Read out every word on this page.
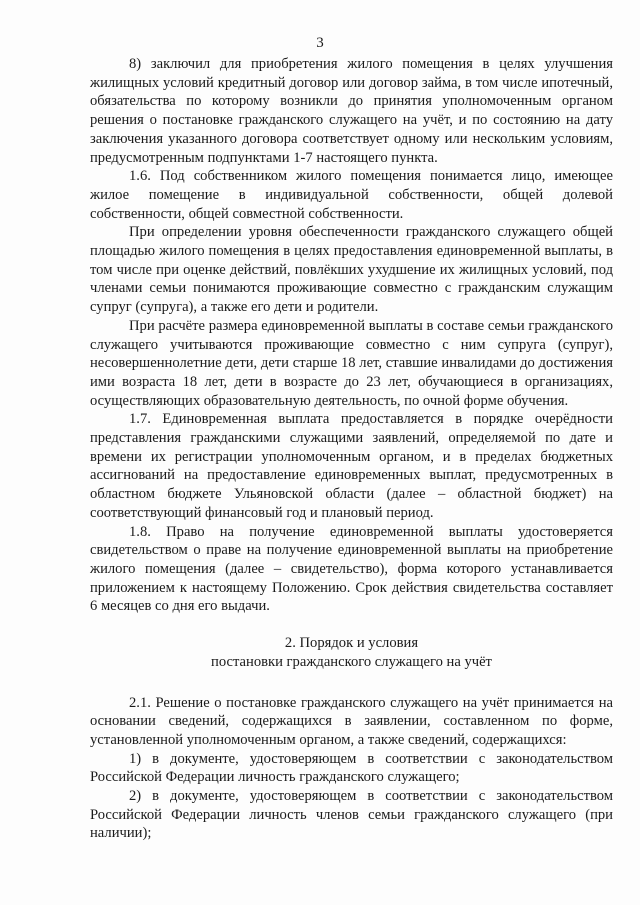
3

8) заключил для приобретения жилого помещения в целях улучшения жилищных условий кредитный договор или договор займа, в том числе ипотечный, обязательства по которому возникли до принятия уполномоченным органом решения о постановке гражданского служащего на учёт, и по состоянию на дату заключения указанного договора соответствует одному или нескольким условиям, предусмотренным подпунктами 1-7 настоящего пункта.

1.6. Под собственником жилого помещения понимается лицо, имеющее жилое помещение в индивидуальной собственности, общей долевой собственности, общей совместной собственности.

При определении уровня обеспеченности гражданского служащего общей площадью жилого помещения в целях предоставления единовременной выплаты, в том числе при оценке действий, повлёкших ухудшение их жилищных условий, под членами семьи понимаются проживающие совместно с гражданским служащим супруг (супруга), а также его дети и родители.

При расчёте размера единовременной выплаты в составе семьи гражданского служащего учитываются проживающие совместно с ним супруга (супруг), несовершеннолетние дети, дети старше 18 лет, ставшие инвалидами до достижения ими возраста 18 лет, дети в возрасте до 23 лет, обучающиеся в организациях, осуществляющих образовательную деятельность, по очной форме обучения.

1.7. Единовременная выплата предоставляется в порядке очерёдности представления гражданскими служащими заявлений, определяемой по дате и времени их регистрации уполномоченным органом, и в пределах бюджетных ассигнований на предоставление единовременных выплат, предусмотренных в областном бюджете Ульяновской области (далее – областной бюджет) на соответствующий финансовый год и плановый период.

1.8. Право на получение единовременной выплаты удостоверяется свидетельством о праве на получение единовременной выплаты на приобретение жилого помещения (далее – свидетельство), форма которого устанавливается приложением к настоящему Положению. Срок действия свидетельства составляет 6 месяцев со дня его выдачи.

2. Порядок и условия

постановки гражданского служащего на учёт

2.1. Решение о постановке гражданского служащего на учёт принимается на основании сведений, содержащихся в заявлении, составленном по форме, установленной уполномоченным органом, а также сведений, содержащихся:

1) в документе, удостоверяющем в соответствии с законодательством Российской Федерации личность гражданского служащего;

2) в документе, удостоверяющем в соответствии с законодательством Российской Федерации личность членов семьи гражданского служащего (при наличии);
